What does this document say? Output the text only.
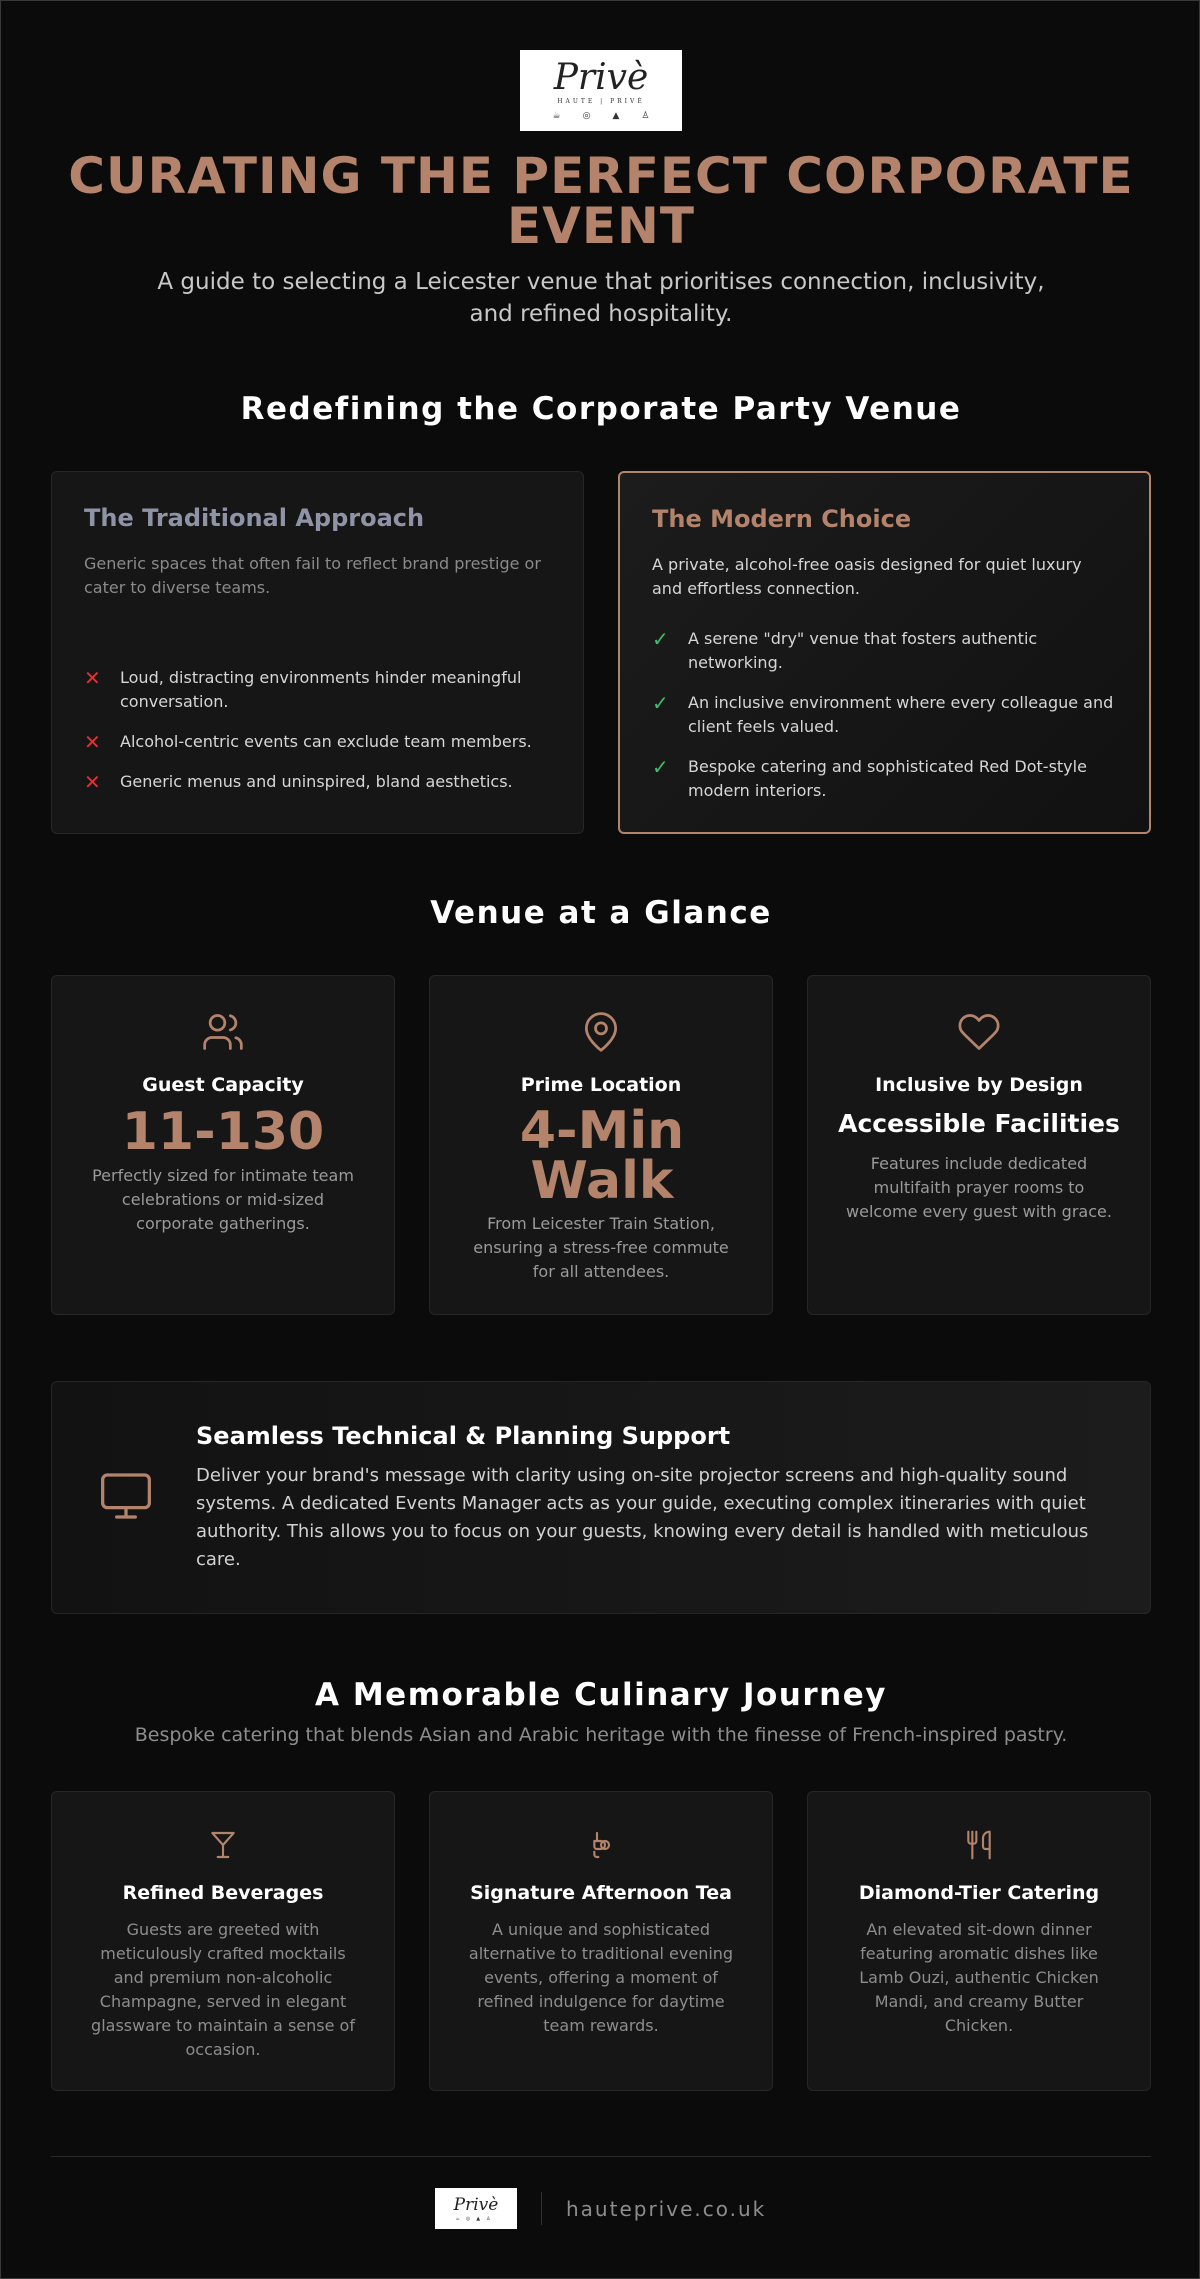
Privè
HAUTE | PRIVÈ
☕ ◎ ▲ ♙
CURATING THE PERFECT CORPORATE EVENT

A guide to selecting a Leicester venue that prioritises connection, inclusivity, and refined hospitality.

Redefining the Corporate Party Venue
The Traditional Approach
Generic spaces that often fail to reflect brand prestige or cater to diverse teams.
✕ Loud, distracting environments hinder meaningful conversation.
✕ Alcohol-centric events can exclude team members.
✕ Generic menus and uninspired, bland aesthetics.
The Modern Choice
A private, alcohol-free oasis designed for quiet luxury and effortless connection.
✓ A serene "dry" venue that fosters authentic networking.
✓ An inclusive environment where every colleague and client feels valued.
✓ Bespoke catering and sophisticated Red Dot-style modern interiors.
Venue at a Glance
Guest Capacity
11-130
Perfectly sized for intimate team celebrations or mid-sized corporate gatherings.
Prime Location
4-Min Walk
From Leicester Train Station, ensuring a stress-free commute for all attendees.
Inclusive by Design
Accessible Facilities
Features include dedicated multifaith prayer rooms to welcome every guest with grace.
Seamless Technical & Planning Support
Deliver your brand's message with clarity using on-site projector screens and high-quality sound systems. A dedicated Events Manager acts as your guide, executing complex itineraries with quiet authority. This allows you to focus on your guests, knowing every detail is handled with meticulous care.
A Memorable Culinary Journey

Bespoke catering that blends Asian and Arabic heritage with the finesse of French-inspired pastry.

Refined Beverages
Guests are greeted with meticulously crafted mocktails and premium non-alcoholic Champagne, served in elegant glassware to maintain a sense of occasion.
Signature Afternoon Tea
A unique and sophisticated alternative to traditional evening events, offering a moment of refined indulgence for daytime team rewards.
Diamond-Tier Catering
An elevated sit-down dinner featuring aromatic dishes like Lamb Ouzi, authentic Chicken Mandi, and creamy Butter Chicken.
Privè
☕◎▲♙	hauteprive.co.uk
